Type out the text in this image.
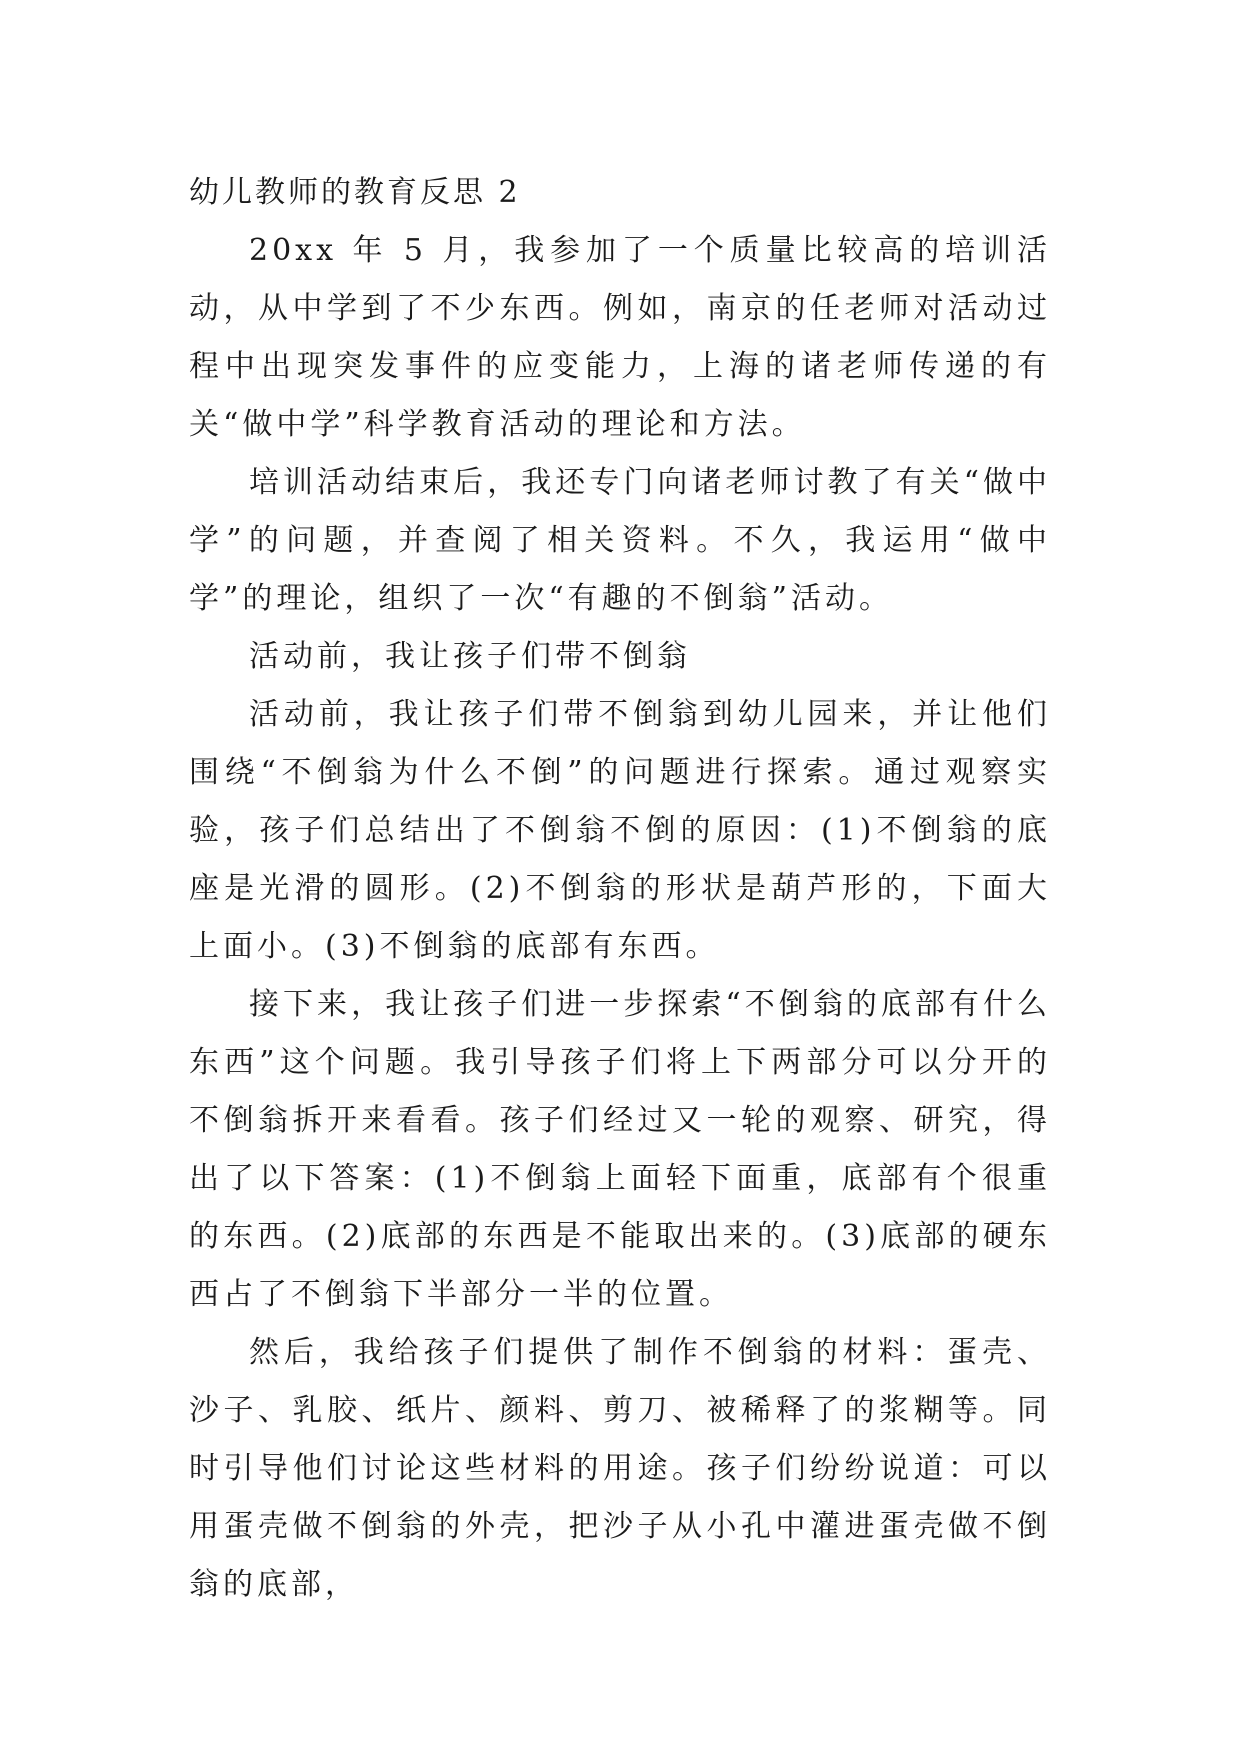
幼儿教师的教育反思 2

20xx 年 5 月，我参加了一个质量比较高的培训活动，从中学到了不少东西。例如，南京的任老师对活动过程中出现突发事件的应变能力，上海的诸老师传递的有关“做中学”科学教育活动的理论和方法。

培训活动结束后，我还专门向诸老师讨教了有关“做中学”的问题，并查阅了相关资料。不久，我运用“做中学”的理论，组织了一次“有趣的不倒翁”活动。

活动前，我让孩子们带不倒翁

活动前，我让孩子们带不倒翁到幼儿园来，并让他们围绕“不倒翁为什么不倒”的问题进行探索。通过观察实验，孩子们总结出了不倒翁不倒的原因：(1)不倒翁的底座是光滑的圆形。(2)不倒翁的形状是葫芦形的，下面大上面小。(3)不倒翁的底部有东西。

接下来，我让孩子们进一步探索“不倒翁的底部有什么东西”这个问题。我引导孩子们将上下两部分可以分开的不倒翁拆开来看看。孩子们经过又一轮的观察、研究，得出了以下答案：(1)不倒翁上面轻下面重，底部有个很重的东西。(2)底部的东西是不能取出来的。(3)底部的硬东西占了不倒翁下半部分一半的位置。

然后，我给孩子们提供了制作不倒翁的材料：蛋壳、沙子、乳胶、纸片、颜料、剪刀、被稀释了的浆糊等。同时引导他们讨论这些材料的用途。孩子们纷纷说道：可以用蛋壳做不倒翁的外壳，把沙子从小孔中灌进蛋壳做不倒翁的底部，
